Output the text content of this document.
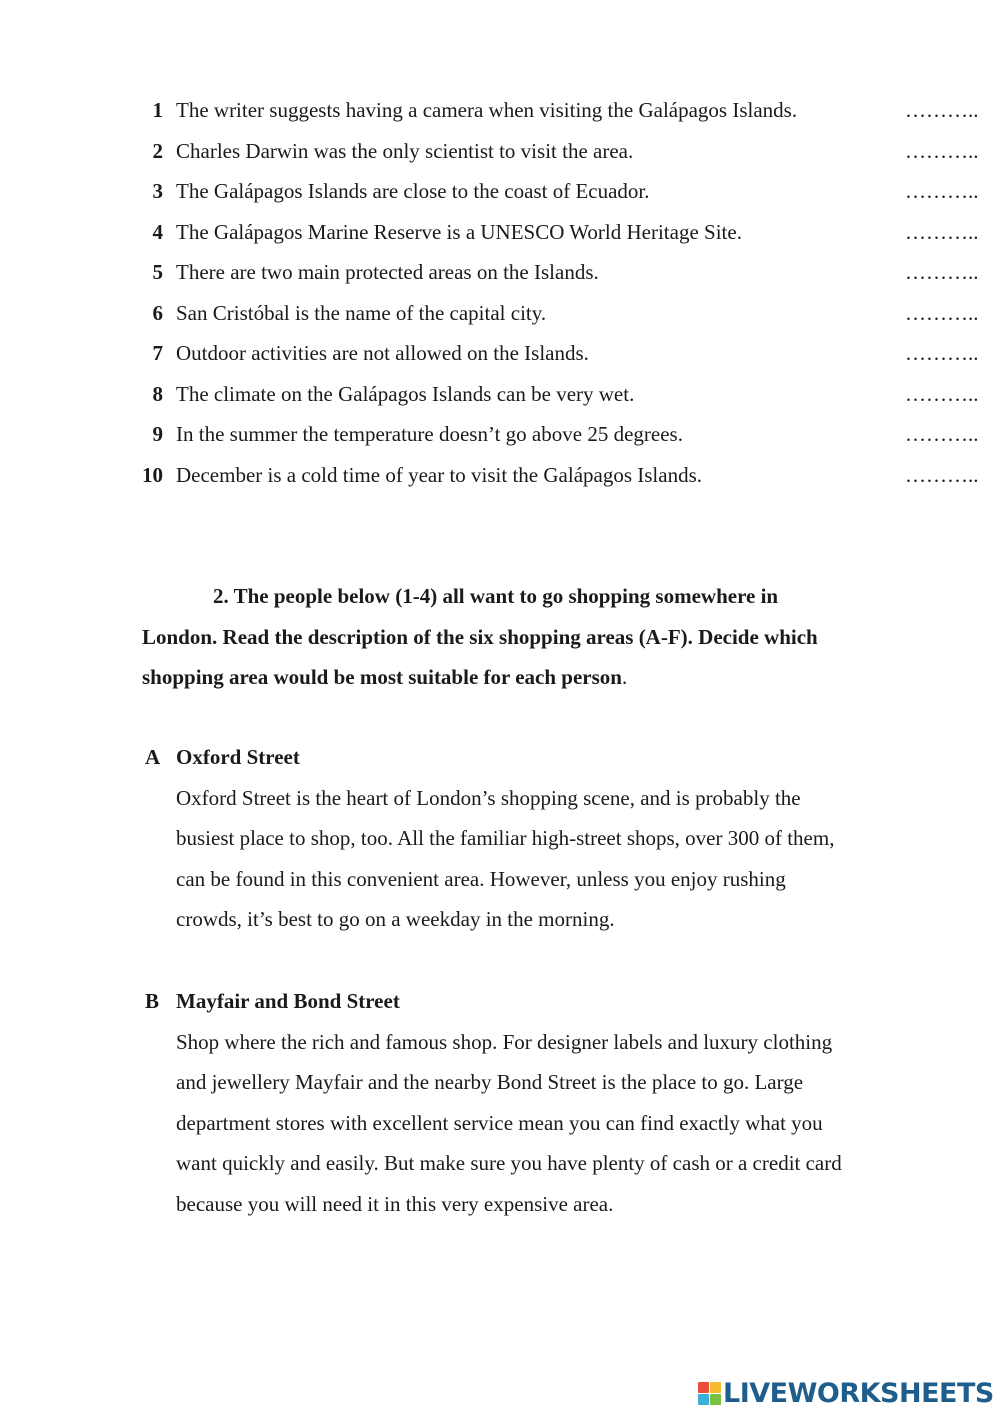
1 The writer suggests having a camera when visiting the Galápagos Islands.	………..
2 Charles Darwin was the only scientist to visit the area.	………..
3 The Galápagos Islands are close to the coast of Ecuador.	………..
4 The Galápagos Marine Reserve is a UNESCO World Heritage Site.	………..
5 There are two main protected areas on the Islands.	………..
6 San Cristóbal is the name of the capital city.	………..
7 Outdoor activities are not allowed on the Islands.	………..
8 The climate on the Galápagos Islands can be very wet.	………..
9 In the summer the temperature doesn’t go above 25 degrees.	………..
10 December is a cold time of year to visit the Galápagos Islands.	………..
2. The people below (1-4) all want to go shopping somewhere in
London. Read the description of the six shopping areas (A-F). Decide which
shopping area would be most suitable for each person.
A Oxford Street
Oxford Street is the heart of London’s shopping scene, and is probably the
busiest place to shop, too. All the familiar high-street shops, over 300 of them,
can be found in this convenient area. However, unless you enjoy rushing
crowds, it’s best to go on a weekday in the morning.
B Mayfair and Bond Street
Shop where the rich and famous shop. For designer labels and luxury clothing
and jewellery Mayfair and the nearby Bond Street is the place to go. Large
department stores with excellent service mean you can find exactly what you
want quickly and easily. But make sure you have plenty of cash or a credit card
because you will need it in this very expensive area.
LIVEWORKSHEETS
